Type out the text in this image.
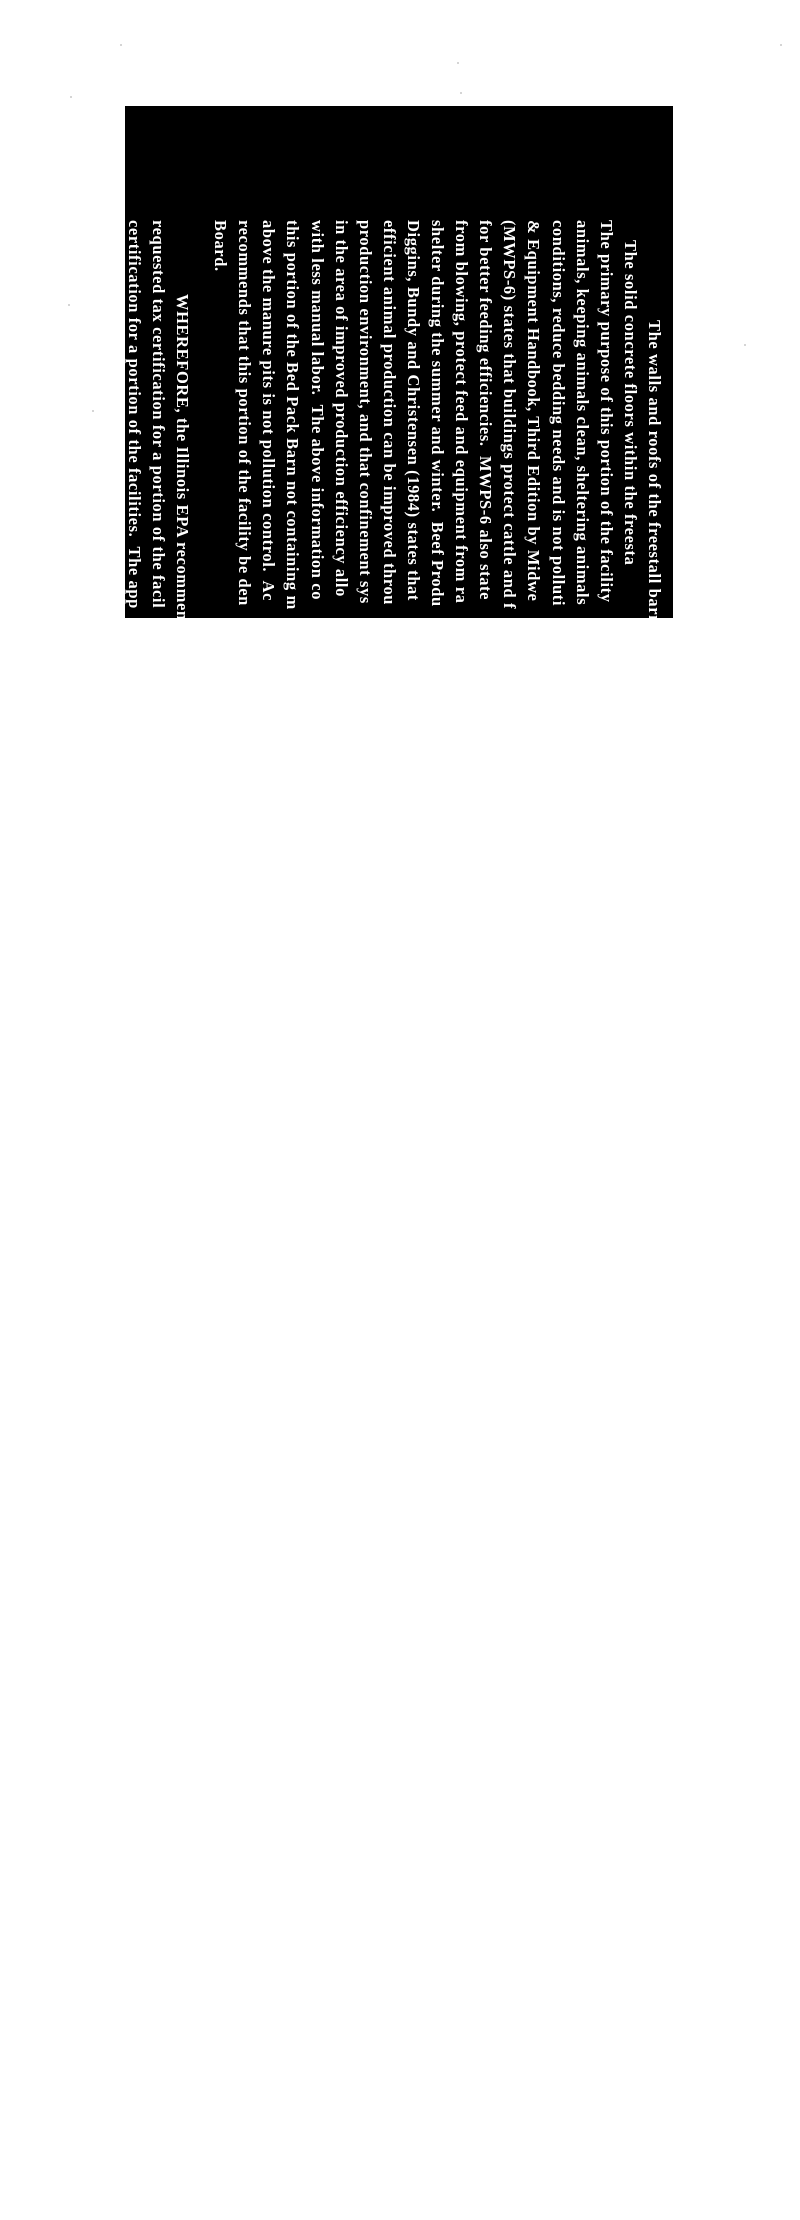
The walls and roofs of the freestall barns a
The solid concrete floors within the freesta
The primary purpose of this portion of the facility
animals, keeping animals clean, sheltering animals
conditions, reduce bedding needs and is not polluti
& Equipment Handbook, Third Edition by Midwe
(MWPS-6) states that buildings protect cattle and f
for better feeding efficiencies.  MWPS-6 also state
from blowing, protect feed and equipment from ra
shelter during the summer and winter.  Beef Produ
Diggins, Bundy and Christensen (1984) states that
efficient animal production can be improved throu
production environment, and that confinement sys
in the area of improved production efficiency allo
with less manual labor.  The above information co
this portion of the Bed Pack Barn not containing m
above the manure pits is not pollution control.  Ac
recommends that this portion of the facility be den
Board.
WHEREFORE, the Illinois EPA recommen
requested tax certification for a portion of the facil
certification for a portion of the facilities.  The app
of service to file a petition with the Board to conte
